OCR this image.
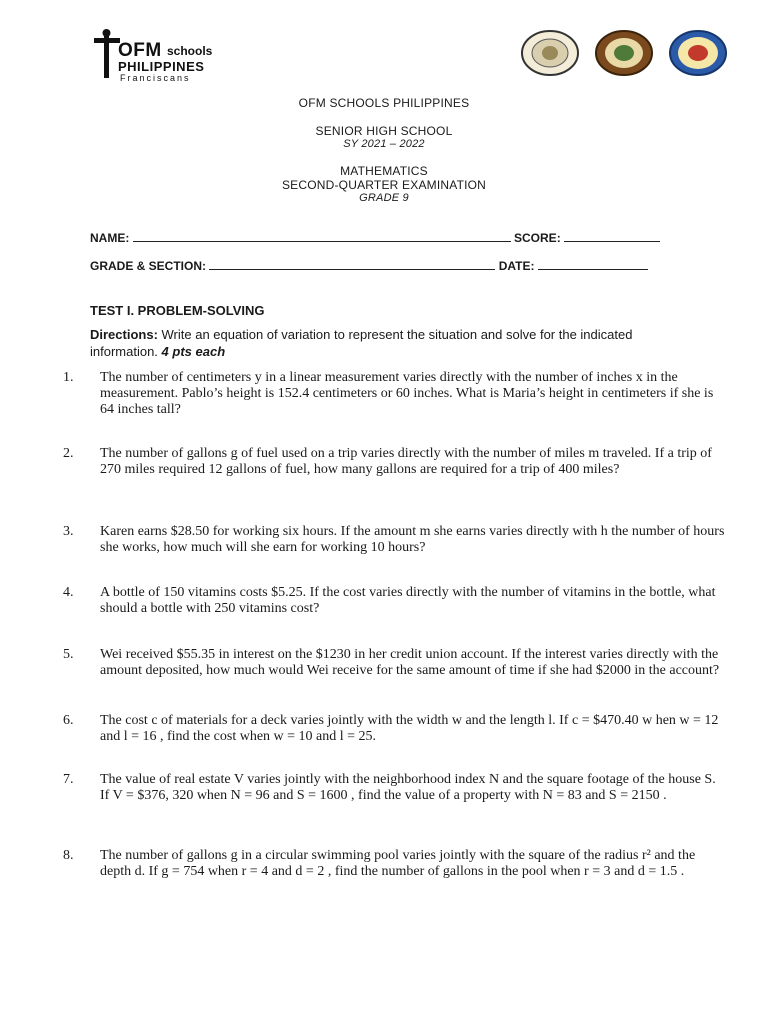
OFM schools
PHILIPPINES
Franciscans
OFM SCHOOLS PHILIPPINES
SENIOR HIGH SCHOOL
SY 2021 – 2022
MATHEMATICS
SECOND-QUARTER EXAMINATION
GRADE 9
NAME:	SCORE:
GRADE & SECTION:	DATE:
TEST I. PROBLEM-SOLVING
Directions: Write an equation of variation to represent the situation and solve for the indicated information. 4 pts each
1.	The number of centimeters y in a linear measurement varies directly with the number of inches x in the measurement. Pablo’s height is 152.4 centimeters or 60 inches. What is Maria’s height in centimeters if she is 64 inches tall?
2.	The number of gallons g of fuel used on a trip varies directly with the number of miles m traveled. If a trip of 270 miles required 12 gallons of fuel, how many gallons are required for a trip of 400 miles?
3.	Karen earns $28.50 for working six hours. If the amount m she earns varies directly with h the number of hours she works, how much will she earn for working 10 hours?
4.	A bottle of 150 vitamins costs $5.25. If the cost varies directly with the number of vitamins in the bottle, what should a bottle with 250 vitamins cost?
5.	Wei received $55.35 in interest on the $1230 in her credit union account. If the interest varies directly with the amount deposited, how much would Wei receive for the same amount of time if she had $2000 in the account?
6.	The cost c of materials for a deck varies jointly with the width w and the length l. If c = $470.40 w hen w = 12 and l = 16 , find the cost when w = 10 and l = 25.
7.	The value of real estate V varies jointly with the neighborhood index N and the square footage of the house S. If V = $376, 320 when N = 96 and S = 1600 , find the value of a property with N = 83 and S = 2150 .
8.	The number of gallons g in a circular swimming pool varies jointly with the square of the radius r² and the depth d. If g = 754 when r = 4 and d = 2 , find the number of gallons in the pool when r = 3 and d = 1.5 .
